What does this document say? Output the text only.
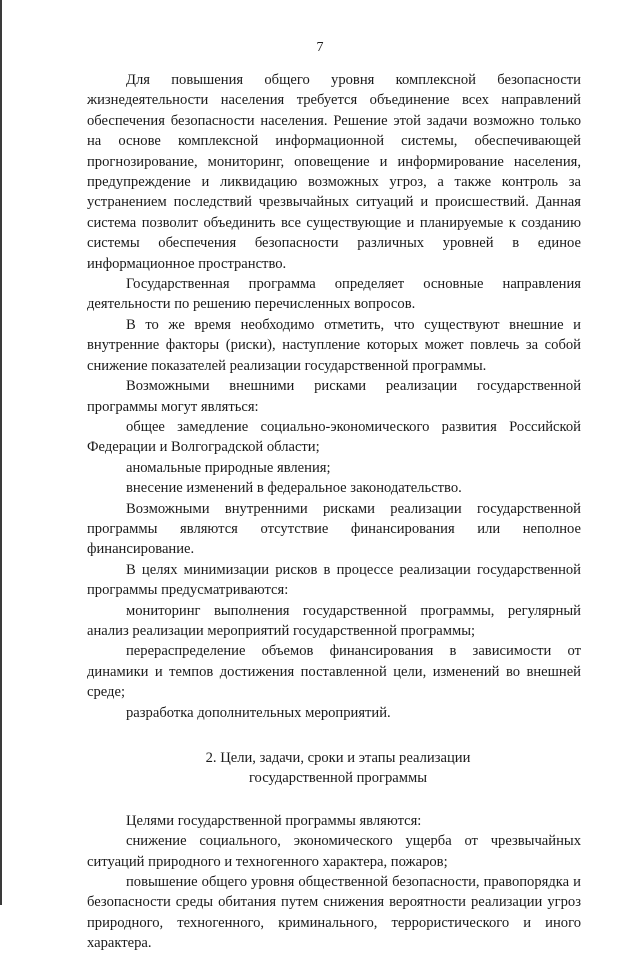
7

Для повышения общего уровня комплексной безопасности жизнедеятельности населения требуется объединение всех направлений обеспечения безопасности населения. Решение этой задачи возможно только на основе комплексной информационной системы, обеспечивающей прогнозирование, мониторинг, оповещение и информирование населения, предупреждение и ликвидацию возможных угроз, а также контроль за устранением последствий чрезвычайных ситуаций и происшествий. Данная система позволит объединить все существующие и планируемые к созданию системы обеспечения безопасности различных уровней в единое информационное пространство.

Государственная программа определяет основные направления деятельности по решению перечисленных вопросов.

В то же время необходимо отметить, что существуют внешние и внутренние факторы (риски), наступление которых может повлечь за собой снижение показателей реализации государственной программы.

Возможными внешними рисками реализации государственной программы могут являться:

общее замедление социально-экономического развития Российской Федерации и Волгоградской области;

аномальные природные явления;

внесение изменений в федеральное законодательство.

Возможными внутренними рисками реализации государственной программы являются отсутствие финансирования или неполное финансирование.

В целях минимизации рисков в процессе реализации государственной программы предусматриваются:

мониторинг выполнения государственной программы, регулярный анализ реализации мероприятий государственной программы;

перераспределение объемов финансирования в зависимости от динамики и темпов достижения поставленной цели, изменений во внешней среде;

разработка дополнительных мероприятий.

2. Цели, задачи, сроки и этапы реализации
государственной программы

Целями государственной программы являются:

снижение социального, экономического ущерба от чрезвычайных ситуаций природного и техногенного характера, пожаров;

повышение общего уровня общественной безопасности, правопорядка и безопасности среды обитания путем снижения вероятности реализации угроз природного, техногенного, криминального, террористического и иного характера.
